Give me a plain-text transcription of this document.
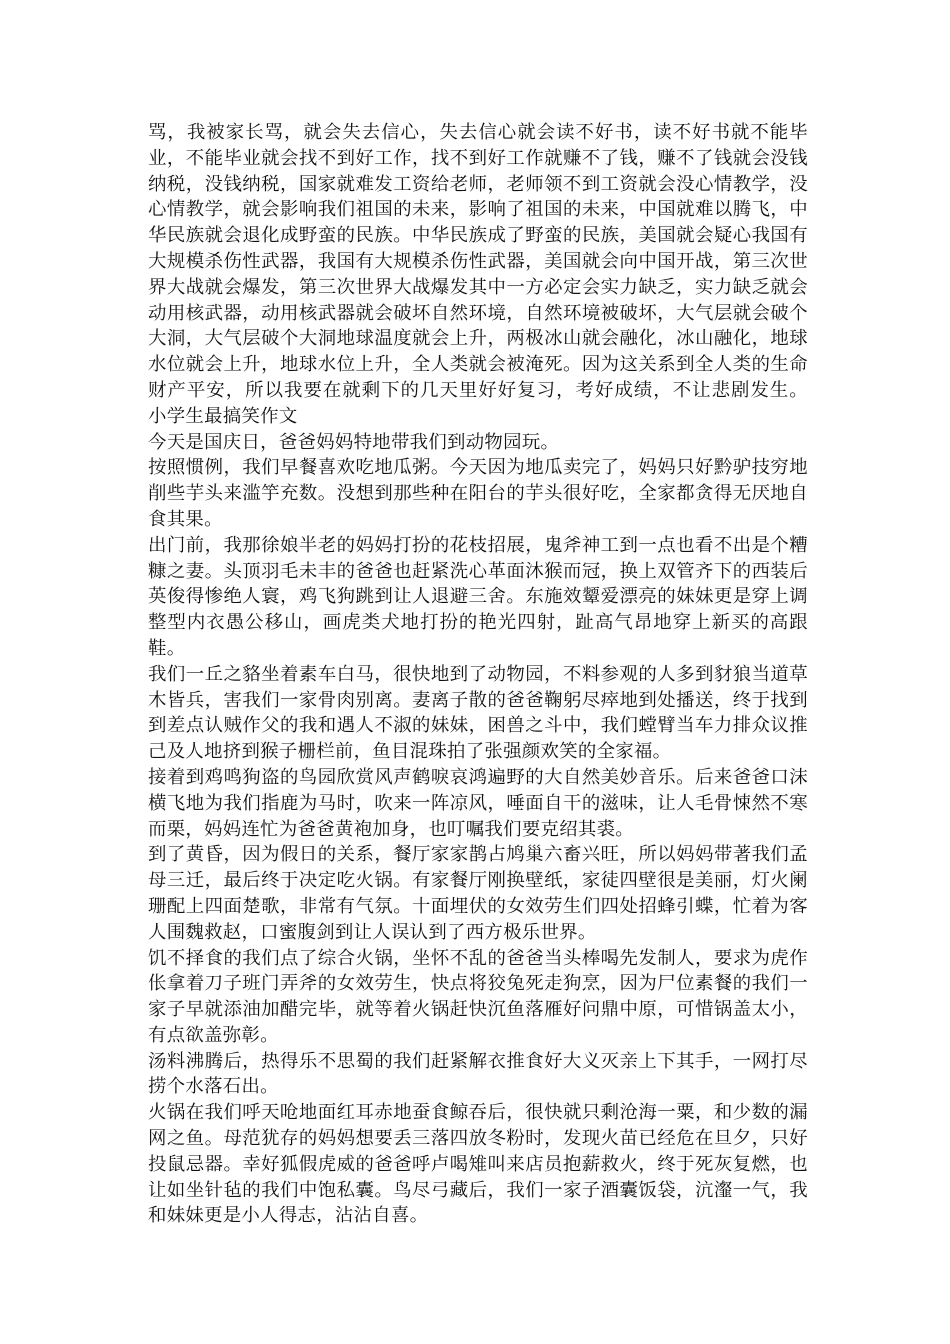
骂，我被家长骂，就会失去信心，失去信心就会读不好书，读不好书就不能毕业，不能毕业就会找不到好工作，找不到好工作就赚不了钱，赚不了钱就会没钱纳税，没钱纳税，国家就难发工资给老师，老师领不到工资就会没心情教学，没心情教学，就会影响我们祖国的未来，影响了祖国的未来，中国就难以腾飞，中华民族就会退化成野蛮的民族。中华民族成了野蛮的民族，美国就会疑心我国有大规模杀伤性武器，我国有大规模杀伤性武器，美国就会向中国开战，第三次世界大战就会爆发，第三次世界大战爆发其中一方必定会实力缺乏，实力缺乏就会动用核武器，动用核武器就会破坏自然环境，自然环境被破坏，大气层就会破个大洞，大气层破个大洞地球温度就会上升，两极冰山就会融化，冰山融化，地球水位就会上升，地球水位上升，全人类就会被淹死。因为这关系到全人类的生命财产平安，所以我要在就剩下的几天里好好复习，考好成绩，不让悲剧发生。 小学生最搞笑作文

今天是国庆日，爸爸妈妈特地带我们到动物园玩。

按照惯例，我们早餐喜欢吃地瓜粥。今天因为地瓜卖完了，妈妈只好黔驴技穷地削些芋头来滥竽充数。没想到那些种在阳台的芋头很好吃，全家都贪得无厌地自食其果。

出门前，我那徐娘半老的妈妈打扮的花枝招展，鬼斧神工到一点也看不出是个糟糠之妻。头顶羽毛未丰的爸爸也赶紧洗心革面沐猴而冠，换上双管齐下的西装后英俊得惨绝人寰，鸡飞狗跳到让人退避三舍。东施效颦爱漂亮的妹妹更是穿上调整型内衣愚公移山，画虎类犬地打扮的艳光四射，趾高气昂地穿上新买的高跟鞋。

我们一丘之貉坐着素车白马，很快地到了动物园，不料参观的人多到豺狼当道草木皆兵，害我们一家骨肉别离。妻离子散的爸爸鞠躬尽瘁地到处播送，终于找到到差点认贼作父的我和遇人不淑的妹妹，困兽之斗中，我们螳臂当车力排众议推己及人地挤到猴子栅栏前，鱼目混珠拍了张强颜欢笑的全家福。

接着到鸡鸣狗盗的鸟园欣赏风声鹤唳哀鸿遍野的大自然美妙音乐。后来爸爸口沫横飞地为我们指鹿为马时，吹来一阵凉风，唾面自干的滋味，让人毛骨悚然不寒而栗，妈妈连忙为爸爸黄袍加身，也叮嘱我们要克绍其裘。

到了黄昏，因为假日的关系，餐厅家家鹊占鸠巢六畜兴旺，所以妈妈带著我们孟母三迁，最后终于决定吃火锅。有家餐厅刚换壁纸，家徒四壁很是美丽，灯火阑珊配上四面楚歌，非常有气氛。十面埋伏的女效劳生们四处招蜂引蝶，忙着为客人围魏救赵，口蜜腹剑到让人误认到了西方极乐世界。

饥不择食的我们点了综合火锅，坐怀不乱的爸爸当头棒喝先发制人，要求为虎作伥拿着刀子班门弄斧的女效劳生，快点将狡兔死走狗烹，因为尸位素餐的我们一家子早就添油加醋完毕，就等着火锅赶快沉鱼落雁好问鼎中原，可惜锅盖太小，有点欲盖弥彰。

汤料沸腾后，热得乐不思蜀的我们赶紧解衣推食好大义灭亲上下其手，一网打尽捞个水落石出。

火锅在我们呼天呛地面红耳赤地蚕食鲸吞后，很快就只剩沧海一粟，和少数的漏网之鱼。母范犹存的妈妈想要丢三落四放冬粉时，发现火苗已经危在旦夕，只好投鼠忌器。幸好狐假虎威的爸爸呼卢喝雉叫来店员抱薪救火，终于死灰复燃，也让如坐针毡的我们中饱私囊。鸟尽弓藏后，我们一家子酒囊饭袋，沆瀣一气，我和妹妹更是小人得志，沾沾自喜。
